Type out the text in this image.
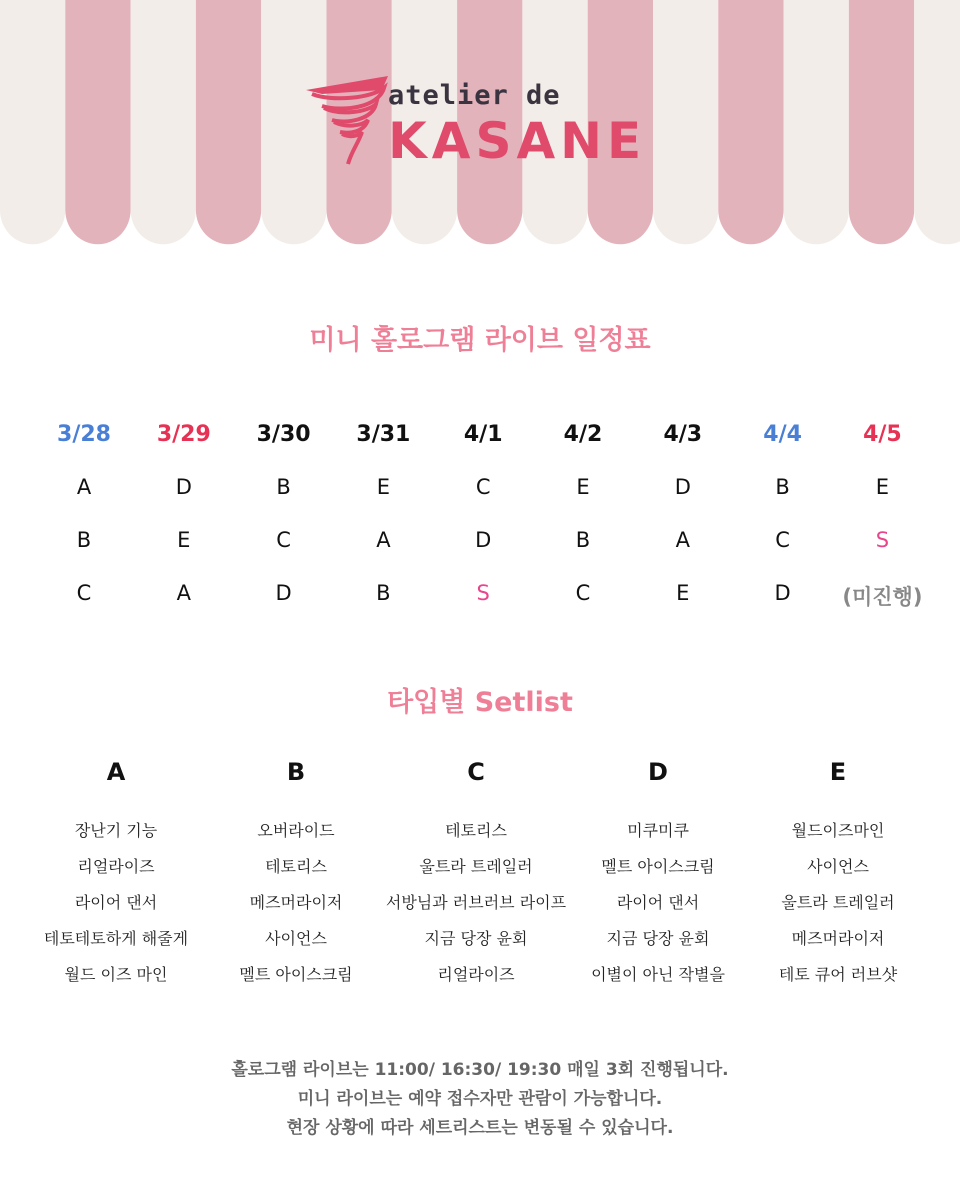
atelier de
KASANE
미니 홀로그램 라이브 일정표
3/28
A
B
C
3/29
D
E
A
3/30
B
C
D
3/31
E
A
B
4/1
C
D
S
4/2
E
B
C
4/3
D
A
E
4/4
B
C
D
4/5
E
S
(미진행)
타입별 Setlist
A
장난기 기능
리얼라이즈
라이어 댄서
테토테토하게 해줄게
월드 이즈 마인
B
오버라이드
테토리스
메즈머라이저
사이언스
멜트 아이스크림
C
테토리스
울트라 트레일러
서방님과 러브러브 라이프
지금 당장 윤회
리얼라이즈
D
미쿠미쿠
멜트 아이스크림
라이어 댄서
지금 당장 윤회
이별이 아닌 작별을
E
월드이즈마인
사이언스
울트라 트레일러
메즈머라이저
테토 큐어 러브샷
홀로그램 라이브는 11:00/ 16:30/ 19:30 매일 3회 진행됩니다.
미니 라이브는 예약 접수자만 관람이 가능합니다.
현장 상황에 따라 세트리스트는 변동될 수 있습니다.
